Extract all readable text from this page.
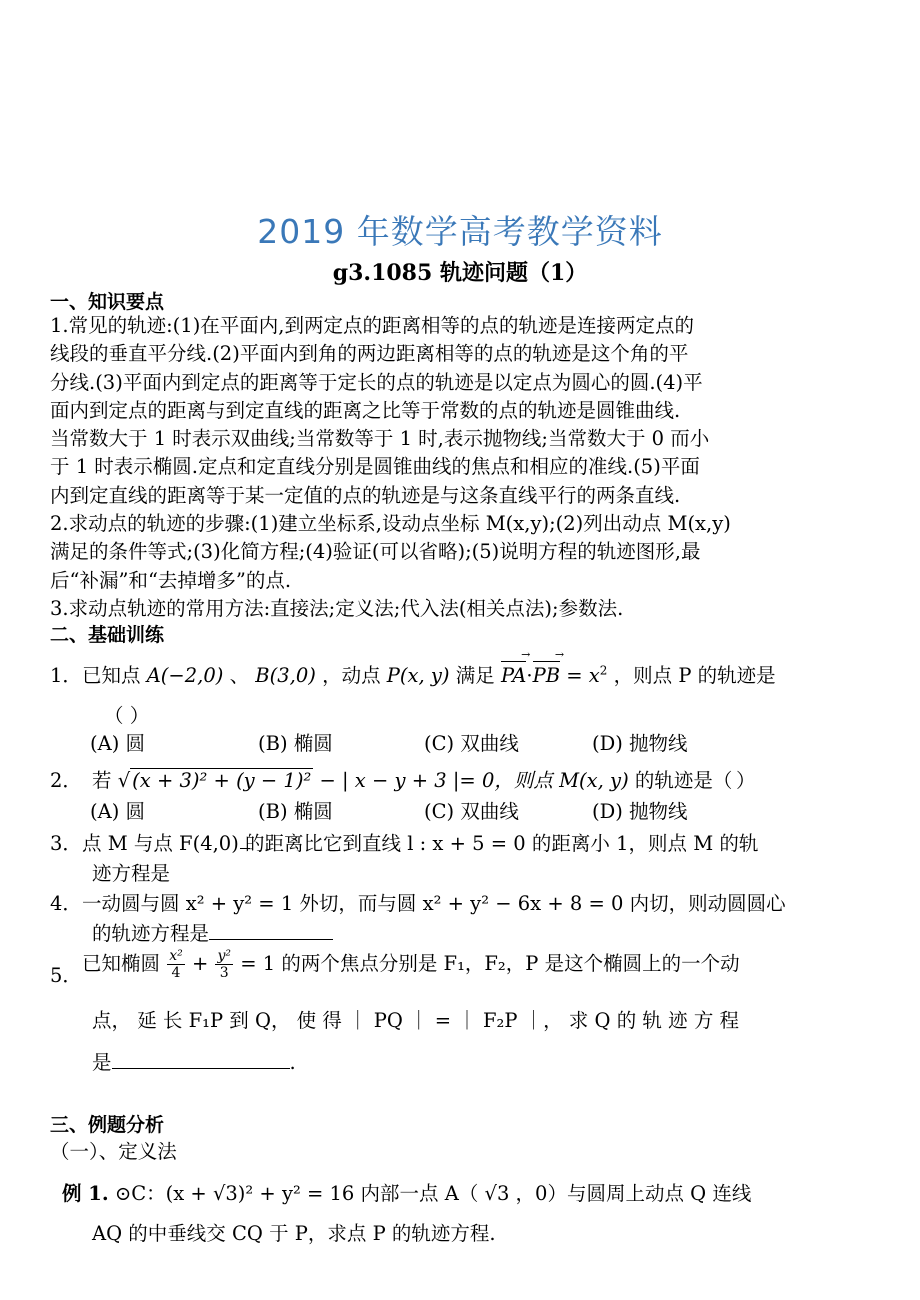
2019 年数学高考教学资料
g3.1085 轨迹问题（1）
一、知识要点
1.常见的轨迹:(1)在平面内,到两定点的距离相等的点的轨迹是连接两定点的
线段的垂直平分线.(2)平面内到角的两边距离相等的点的轨迹是这个角的平
分线.(3)平面内到定点的距离等于定长的点的轨迹是以定点为圆心的圆.(4)平
面内到定点的距离与到定直线的距离之比等于常数的点的轨迹是圆锥曲线.
当常数大于 1 时表示双曲线;当常数等于 1 时,表示抛物线;当常数大于 0 而小
于 1 时表示椭圆.定点和定直线分别是圆锥曲线的焦点和相应的准线.(5)平面
内到定直线的距离等于某一定值的点的轨迹是与这条直线平行的两条直线.
2.求动点的轨迹的步骤:(1)建立坐标系,设动点坐标 M(x,y);(2)列出动点 M(x,y)
满足的条件等式;(3)化简方程;(4)验证(可以省略);(5)说明方程的轨迹图形,最
后“补漏”和“去掉增多”的点.
3.求动点轨迹的常用方法:直接法;定义法;代入法(相关点法);参数法.
二、基础训练
1． 已知点 A(−2,0) 、 B(3,0) ，动点 P(x, y) 满足 PA →·PB → = $x^2$ ，则点 P 的轨迹是
（ ）
(A) 圆	(B) 椭圆	(C) 双曲线	(D) 抛物线
2． 若 √ (x + 3)² + (y − 1)² − | x − y + 3 |= 0，则点 M(x, y) 的轨迹是（ ）
(A) 圆	(B) 椭圆	(C) 双曲线	(D) 抛物线
3． 点 M 与点 F(4,0) 的距离比它到直线 l : x + 5 = 0 的距离小 1，则点 M 的轨
迹方程是
4． 一动圆与圆 x² + y² = 1 外切，而与圆 x² + y² − 6x + 8 = 0 内切，则动圆圆心
的轨迹方程是
5．
已知椭圆 $\frac{\text{x²}}{4} + \frac{\text{y²}}{3} = 1$ 的两个焦点分别是 F₁，F₂，P 是这个椭圆上的一个动
点， 延 长 F₁P 到 Q， 使 得 ｜ PQ ｜ = ｜ F₂P ｜， 求 Q 的 轨 迹 方 程
是	.
三、例题分析
（一）、定义法
例 1. ⊙C：(x + √3)² + y² = 16 内部一点 A（ √3 ，0）与圆周上动点 Q 连线
AQ 的中垂线交 CQ 于 P，求点 P 的轨迹方程.
